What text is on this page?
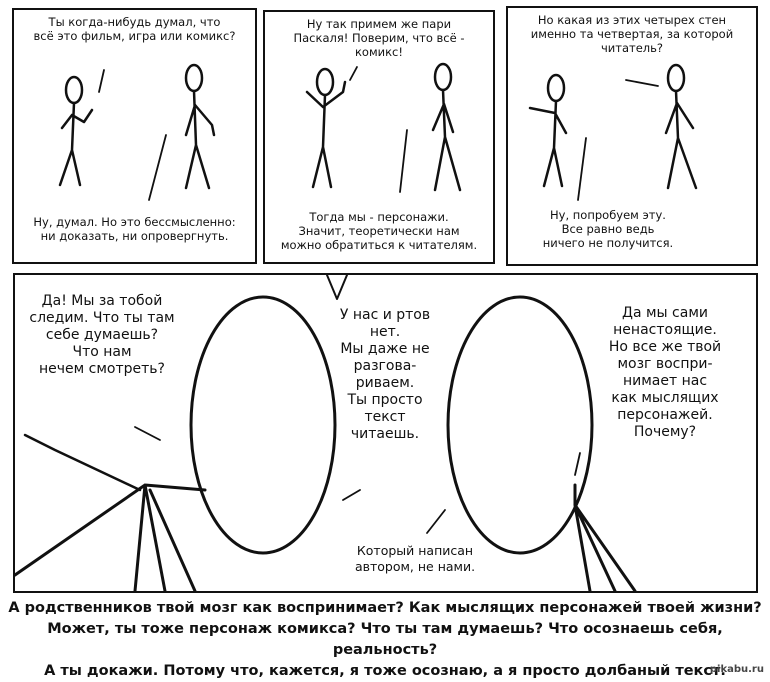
Ты когда-нибудь думал, что
всё это фильм, игра или комикс?
Ну, думал. Но это бессмысленно:
ни доказать, ни опровергнуть.
Ну так примем же пари
Паскаля! Поверим, что всё -
комикс!
Тогда мы - персонажи.
Значит, теоретически нам
можно обратиться к читателям.
Но какая из этих четырех стен
именно та четвертая, за которой
читатель?
Ну, попробуем эту.
Все равно ведь
ничего не получится.
Да! Мы за тобой
следим. Что ты там
себе думаешь?
Что нам
нечем смотреть?
У нас и ртов
нет.
Мы даже не
разгова-
риваем.
Ты просто
текст
читаешь.
Да мы сами
ненастоящие.
Но все же твой
мозг воспри-
нимает нас
как мыслящих
персонажей.
Почему?
Который написан
автором, не нами.
А родственников твой мозг как воспринимает? Как мыслящих персонажей твоей жизни?
Может, ты тоже персонаж комикса? Что ты там думаешь? Что осознаешь себя, реальность?
А ты докажи. Потому что, кажется, я тоже осознаю, а я просто долбаный текст.
pikabu.ru
